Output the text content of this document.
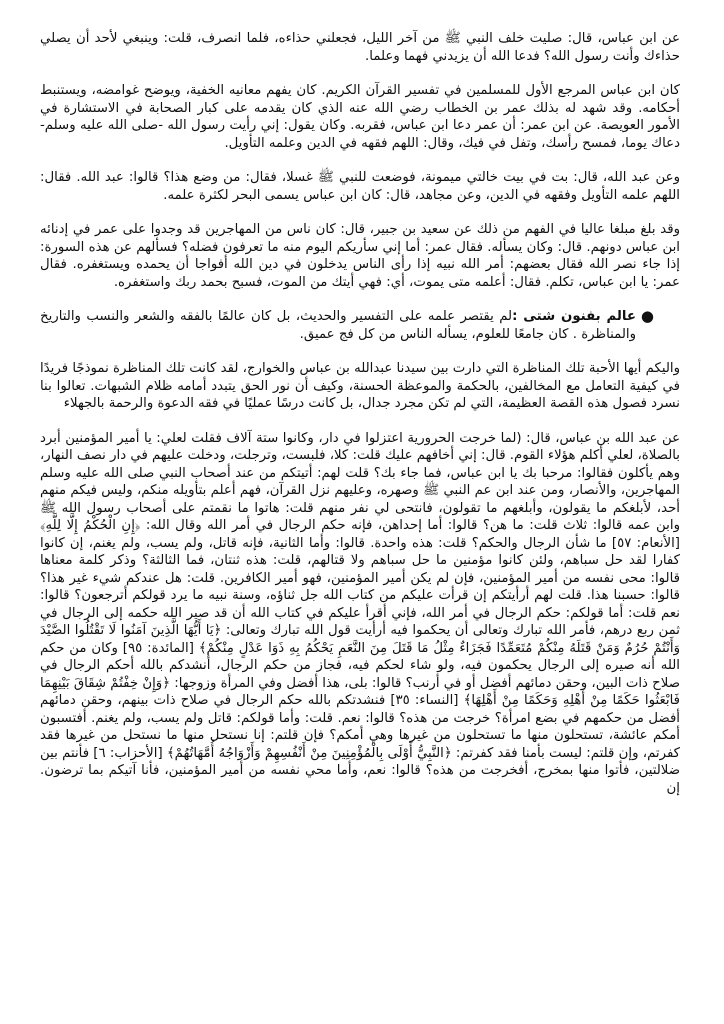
عن ابن عباس، قال: صليت خلف النبي ﷺ من آخر الليل، فجعلني حذاءه، فلما انصرف، قلت: وينبغي لأحد أن يصلي حذاءك وأنت رسول الله؟ فدعا الله أن يزيدني فهما وعلما.

كان ابن عباس المرجع الأول للمسلمين في تفسير القرآن الكريم. كان يفهم معانيه الخفية، ويوضح غوامضه، ويستنبط أحكامه. وقد شهد له بذلك عمر بن الخطاب رضي الله عنه الذي كان يقدمه على كبار الصحابة في الاستشارة في الأمور العويصة. عن ابن عمر: أن عمر دعا ابن عباس، فقربه. وكان يقول: إني رأيت رسول الله -صلى الله عليه وسلم- دعاك يوما، فمسح رأسك، وتفل في فيك، وقال: اللهم فقهه في الدين وعلمه التأويل.

وعن عبد الله، قال: بت في بيت خالتي ميمونة، فوضعت للنبي ﷺ غسلا، فقال: من وضع هذا؟ قالوا: عبد الله. فقال: اللهم علمه التأويل وفقهه في الدين، وعن مجاهد، قال: كان ابن عباس يسمى البحر لكثرة علمه.

وقد بلغ مبلغا عاليا في الفهم من ذلك عن سعيد بن جبير، قال: كان ناس من المهاجرين قد وجدوا على عمر في إدنائه ابن عباس دونهم. قال: وكان يسأله. فقال عمر: أما إني سأريكم اليوم منه ما تعرفون فضله؟ فسألهم عن هذه السورة: إذا جاء نصر الله فقال بعضهم: أمر الله نبيه إذا رأى الناس يدخلون في دين الله أفواجا أن يحمده ويستغفره. فقال عمر: يا ابن عباس، تكلم. فقال: أعلمه متى يموت، أي: فهي أيتك من الموت، فسبح بحمد ربك واستغفره.

●
عالم بفنون شتى :لم يقتصر علمه على التفسير والحديث، بل كان عالمًا بالفقه والشعر والنسب والتاريخ والمناظرة . كان جامعًا للعلوم، يسأله الناس من كل فج عميق.

واليكم أيها الأحبة تلك المناظرة التي دارت بين سيدنا عبدالله بن عباس والخوارج، لقد كانت تلك المناظرة نموذجًا فريدًا في كيفية التعامل مع المخالفين، بالحكمة والموعظة الحسنة، وكيف أن نور الحق يتبدد أمامه ظلام الشبهات. تعالوا بنا نسرد فصول هذه القصة العظيمة، التي لم تكن مجرد جدال، بل كانت درسًا عمليًا في فقه الدعوة والرحمة بالجهلاء

عن عبد الله بن عباس، قال: (لما خرجت الحرورية اعتزلوا في دار، وكانوا ستة آلاف فقلت لعلي: يا أمير المؤمنين أبرد بالصلاة، لعلي أكلم هؤلاء القوم. قال: إني أخافهم عليك قلت: كلا، فلبست، وترجلت، ودخلت عليهم في دار نصف النهار، وهم يأكلون فقالوا: مرحبا بك يا ابن عباس، فما جاء بك؟ قلت لهم: أتيتكم من عند أصحاب النبي صلى الله عليه وسلم المهاجرين، والأنصار، ومن عند ابن عم النبي ﷺ وصهره، وعليهم نزل القرآن، فهم أعلم بتأويله منكم، وليس فيكم منهم أحد، لأبلغكم ما يقولون، وأبلغهم ما تقولون، فانتحى لي نفر منهم قلت: هاتوا ما نقمتم على أصحاب رسول الله ﷺ وابن عمه قالوا: ثلاث قلت: ما هن؟ قالوا: أما إحداهن، فإنه حكم الرجال في أمر الله وقال الله: ﴿إِنِ الْحُكْمُ إِلَّا لِلَّهِ﴾ [الأنعام: ٥٧] ما شأن الرجال والحكم؟ قلت: هذه واحدة. قالوا: وأما الثانية، فإنه قاتل، ولم يسب، ولم يغنم، إن كانوا كفارا لقد حل سباهم، ولئن كانوا مؤمنين ما حل سباهم ولا قتالهم، قلت: هذه ثنتان، فما الثالثة؟ وذكر كلمة معناها قالوا: محى نفسه من أمير المؤمنين، فإن لم يكن أمير المؤمنين، فهو أمير الكافرين. قلت: هل عندكم شيء غير هذا؟ قالوا: حسبنا هذا. قلت لهم أرأيتكم إن قرأت عليكم من كتاب الله جل ثناؤه، وسنة نبيه ما يرد قولكم أترجعون؟ قالوا: نعم قلت: أما قولكم: حكم الرجال في أمر الله، فإني أقرأ عليكم في كتاب الله أن قد صير الله حكمه إلى الرجال في ثمن ربع درهم، فأمر الله تبارك وتعالى أن يحكموا فيه أرأيت قول الله تبارك وتعالى: ﴿يَا أَيُّهَا الَّذِينَ آمَنُوا لَا تَقْتُلُوا الصَّيْدَ وَأَنْتُمْ حُرُمٌ وَمَنْ قَتَلَهُ مِنْكُمْ مُتَعَمِّدًا فَجَزَاءٌ مِثْلُ مَا قَتَلَ مِنَ النَّعَمِ يَحْكُمُ بِهِ ذَوَا عَدْلٍ مِنْكُمْ﴾ [المائدة: ٩٥] وكان من حكم الله أنه صيره إلى الرجال يحكمون فيه، ولو شاء لحكم فيه، فجاز من حكم الرجال، أنشدكم بالله أحكم الرجال في صلاح ذات البين، وحقن دمائهم أفضل أو في أرنب؟ قالوا: بلى، هذا أفضل وفي المرأة وزوجها: ﴿وَإِنْ خِفْتُمْ شِقَاقَ بَيْنِهِمَا فَابْعَثُوا حَكَمًا مِنْ أَهْلِهِ وَحَكَمًا مِنْ أَهْلِهَا﴾ [النساء: ٣٥] فنشدتكم بالله حكم الرجال في صلاح ذات بينهم، وحقن دمائهم أفضل من حكمهم في بضع امرأة؟ خرجت من هذه؟ قالوا: نعم. قلت: وأما قولكم: قاتل ولم يسب، ولم يغنم. أفتسبون أمكم عائشة، تستحلون منها ما تستحلون من غيرها وهي أمكم؟ فإن قلتم: إنا نستحل منها ما نستحل من غيرها فقد كفرتم، وإن قلتم: ليست بأمنا فقد كفرتم: ﴿النَّبِيُّ أَوْلَى بِالْمُؤْمِنِينَ مِنْ أَنْفُسِهِمْ وَأَزْوَاجُهُ أُمَّهَاتُهُمْ﴾ [الأحزاب: ٦] فأنتم بين ضلالتين، فأتوا منها بمخرج، أفخرجت من هذه؟ قالوا: نعم، وأما محي نفسه من أمير المؤمنين، فأنا آتيكم بما ترضون. إن
